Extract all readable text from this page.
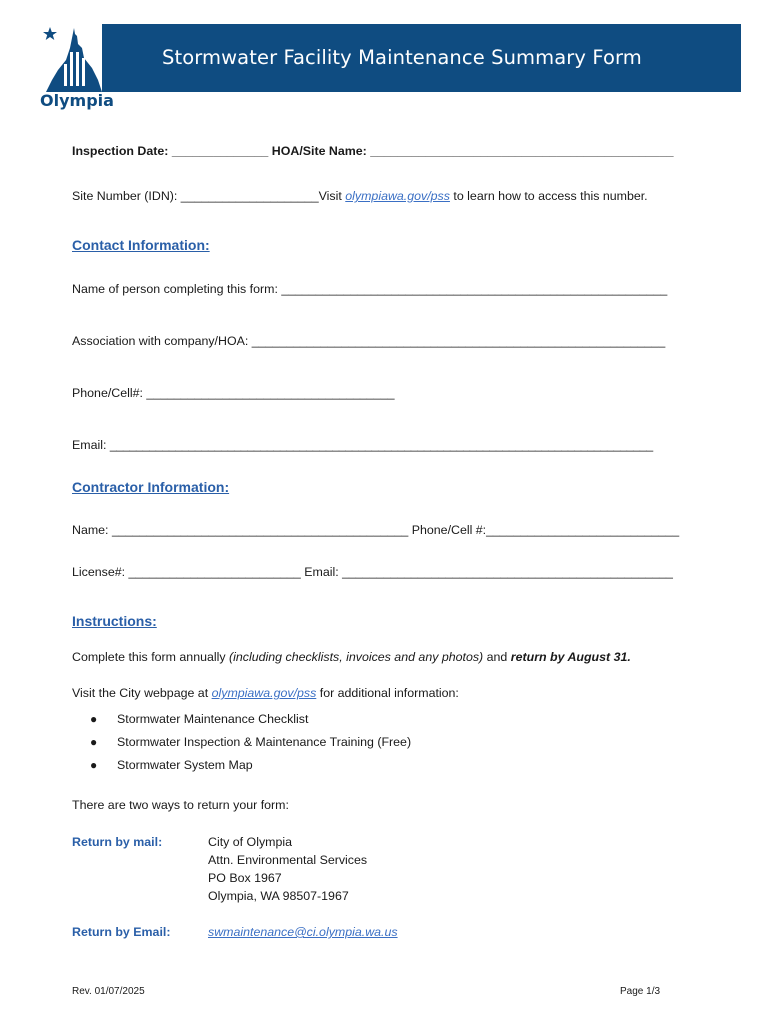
Stormwater Facility Maintenance Summary Form
Olympia
Inspection Date: ______________ HOA/Site Name: ____________________________________________
Site Number (IDN): ____________________Visit olympiawa.gov/pss to learn how to access this number.
Contact Information:
Name of person completing this form: ________________________________________________________
Association with company/HOA: ____________________________________________________________
Phone/Cell#: ____________________________________
Email: ___________________________________________________________________________________
Contractor Information:
Name: ___________________________________________ Phone/Cell #:____________________________
License#: _________________________ Email: ________________________________________________
Instructions:
Complete this form annually (including checklists, invoices and any photos) and return by August 31.
Visit the City webpage at olympiawa.gov/pss for additional information:
● Stormwater Maintenance Checklist
● Stormwater Inspection & Maintenance Training (Free)
● Stormwater System Map
There are two ways to return your form:
Return by mail:	City of Olympia
Attn. Environmental Services
PO Box 1967
Olympia, WA 98507-1967
Return by Email:	swmaintenance@ci.olympia.wa.us
Rev. 01/07/2025	Page 1/3
